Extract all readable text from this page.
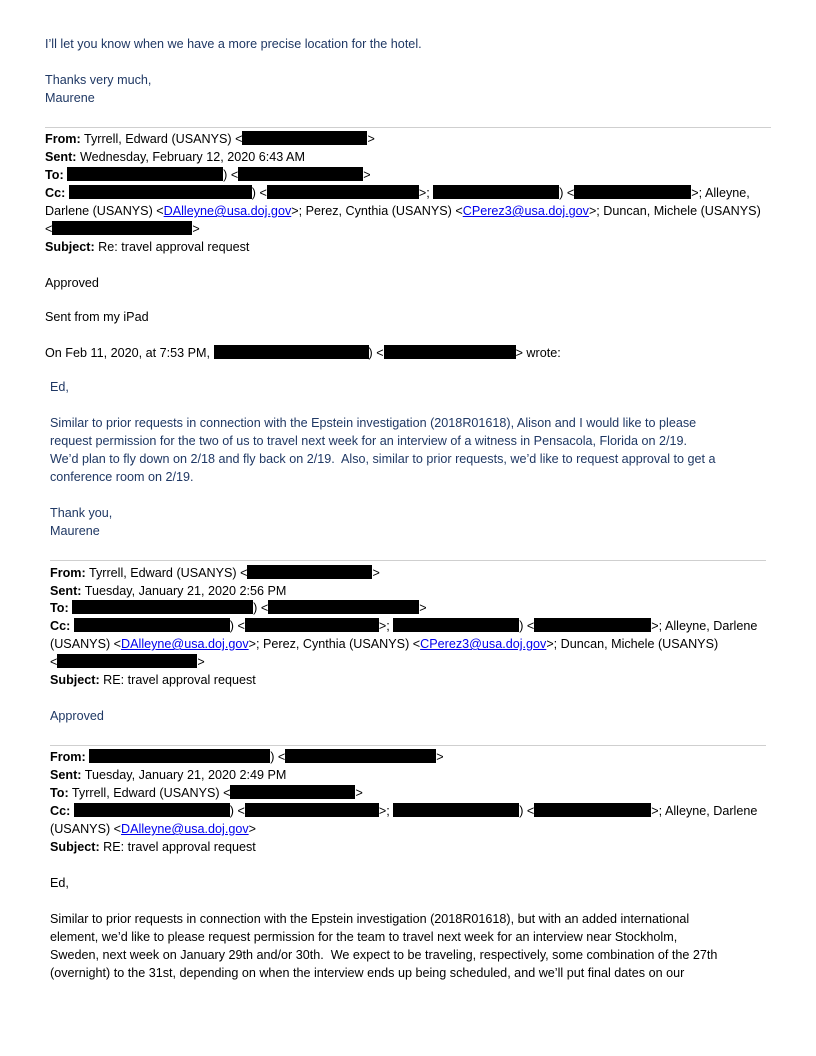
I’ll let you know when we have a more precise location for the hotel.
Thanks very much,
Maurene
From: Tyrrell, Edward (USANYS) <	>
Sent: Wednesday, February 12, 2020 6:43 AM
To:	) <	>
Cc:	) <	>;	) <	>; Alleyne,
Darlene (USANYS) <DAlleyne@usa.doj.gov>; Perez, Cynthia (USANYS) <CPerez3@usa.doj.gov>; Duncan, Michele (USANYS)
<	>
Subject: Re: travel approval request
Approved
Sent from my iPad
On Feb 11, 2020, at 7:53 PM,	) <	> wrote:
Ed,
Similar to prior requests in connection with the Epstein investigation (2018R01618), Alison and I would like to please
request permission for the two of us to travel next week for an interview of a witness in Pensacola, Florida on 2/19.
We’d plan to fly down on 2/18 and fly back on 2/19.  Also, similar to prior requests, we’d like to request approval to get a
conference room on 2/19.
Thank you,
Maurene
From: Tyrrell, Edward (USANYS) <	>
Sent: Tuesday, January 21, 2020 2:56 PM
To:	) <	>
Cc:	) <	>;	) <	>; Alleyne, Darlene
(USANYS) <DAlleyne@usa.doj.gov>; Perez, Cynthia (USANYS) <CPerez3@usa.doj.gov>; Duncan, Michele (USANYS)
<	>
Subject: RE: travel approval request
Approved
From:	) <	>
Sent: Tuesday, January 21, 2020 2:49 PM
To: Tyrrell, Edward (USANYS) <	>
Cc:	) <	>;	) <	>; Alleyne, Darlene
(USANYS) <DAlleyne@usa.doj.gov>
Subject: RE: travel approval request
Ed,
Similar to prior requests in connection with the Epstein investigation (2018R01618), but with an added international
element, we’d like to please request permission for the team to travel next week for an interview near Stockholm,
Sweden, next week on January 29th and/or 30th.  We expect to be traveling, respectively, some combination of the 27th
(overnight) to the 31st, depending on when the interview ends up being scheduled, and we’ll put final dates on our
